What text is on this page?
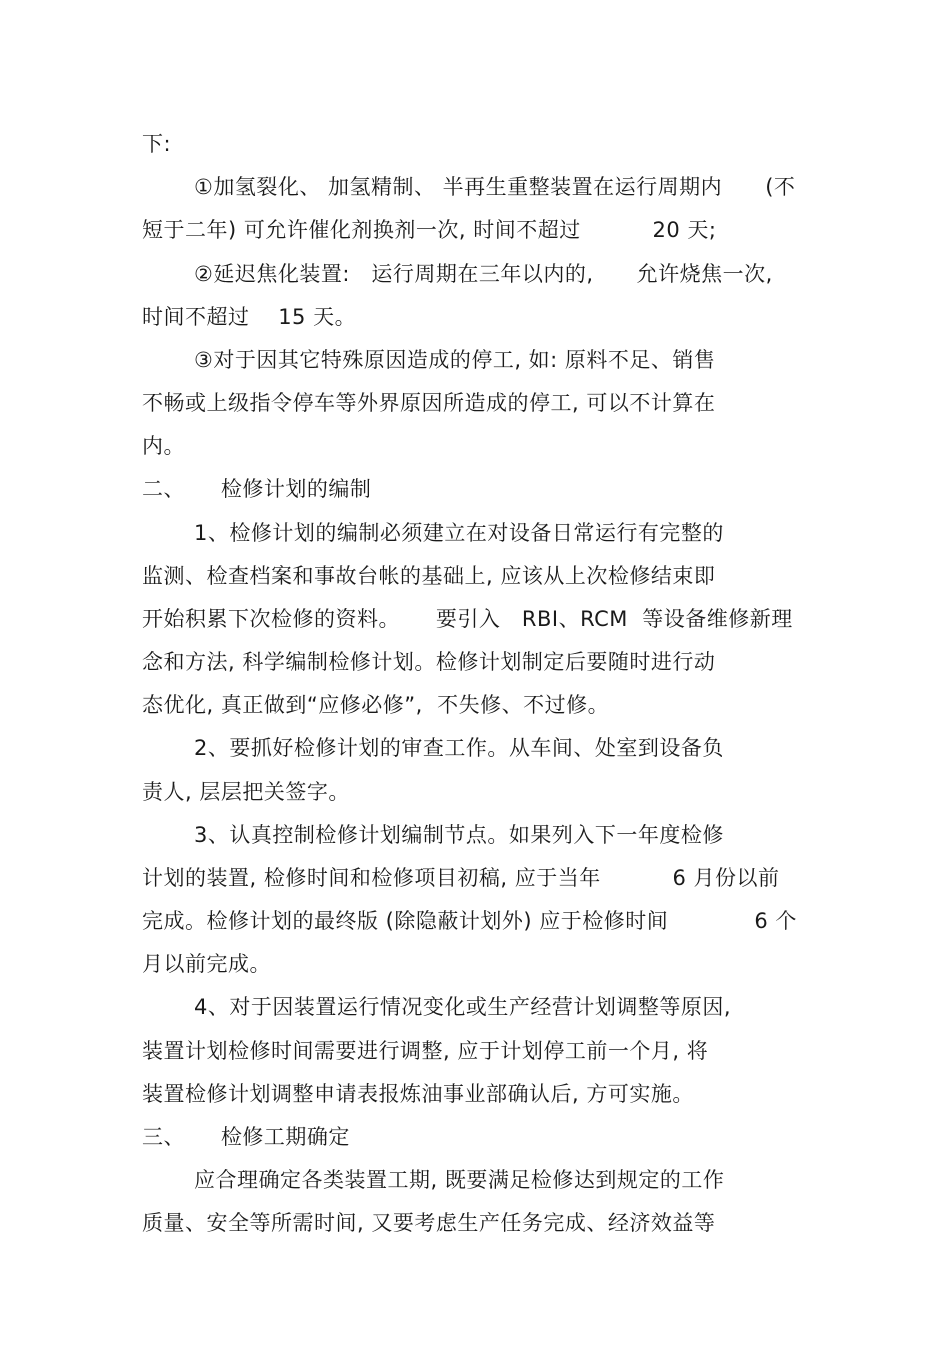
下:
①加氢裂化、 加氢精制、 半再生重整装置在运行周期内      (不
短于二年) 可允许催化剂换剂一次, 时间不超过          20 天;
②延迟焦化装置:   运行周期在三年以内的,      允许烧焦一次,
时间不超过    15 天。
③对于因其它特殊原因造成的停工, 如: 原料不足、销售
不畅或上级指令停车等外界原因所造成的停工, 可以不计算在
内。
二、     检修计划的编制
1、检修计划的编制必须建立在对设备日常运行有完整的
监测、检查档案和事故台帐的基础上, 应该从上次检修结束即
开始积累下次检修的资料。     要引入   RBI、RCM  等设备维修新理
念和方法, 科学编制检修计划。检修计划制定后要随时进行动
态优化, 真正做到“应修必修”,  不失修、不过修。
2、要抓好检修计划的审查工作。从车间、处室到设备负
责人, 层层把关签字。
3、认真控制检修计划编制节点。如果列入下一年度检修
计划的装置, 检修时间和检修项目初稿, 应于当年          6 月份以前
完成。检修计划的最终版 (除隐蔽计划外) 应于检修时间            6 个
月以前完成。
4、对于因装置运行情况变化或生产经营计划调整等原因,
装置计划检修时间需要进行调整, 应于计划停工前一个月, 将
装置检修计划调整申请表报炼油事业部确认后, 方可实施。
三、     检修工期确定
应合理确定各类装置工期, 既要满足检修达到规定的工作
质量、安全等所需时间, 又要考虑生产任务完成、经济效益等
